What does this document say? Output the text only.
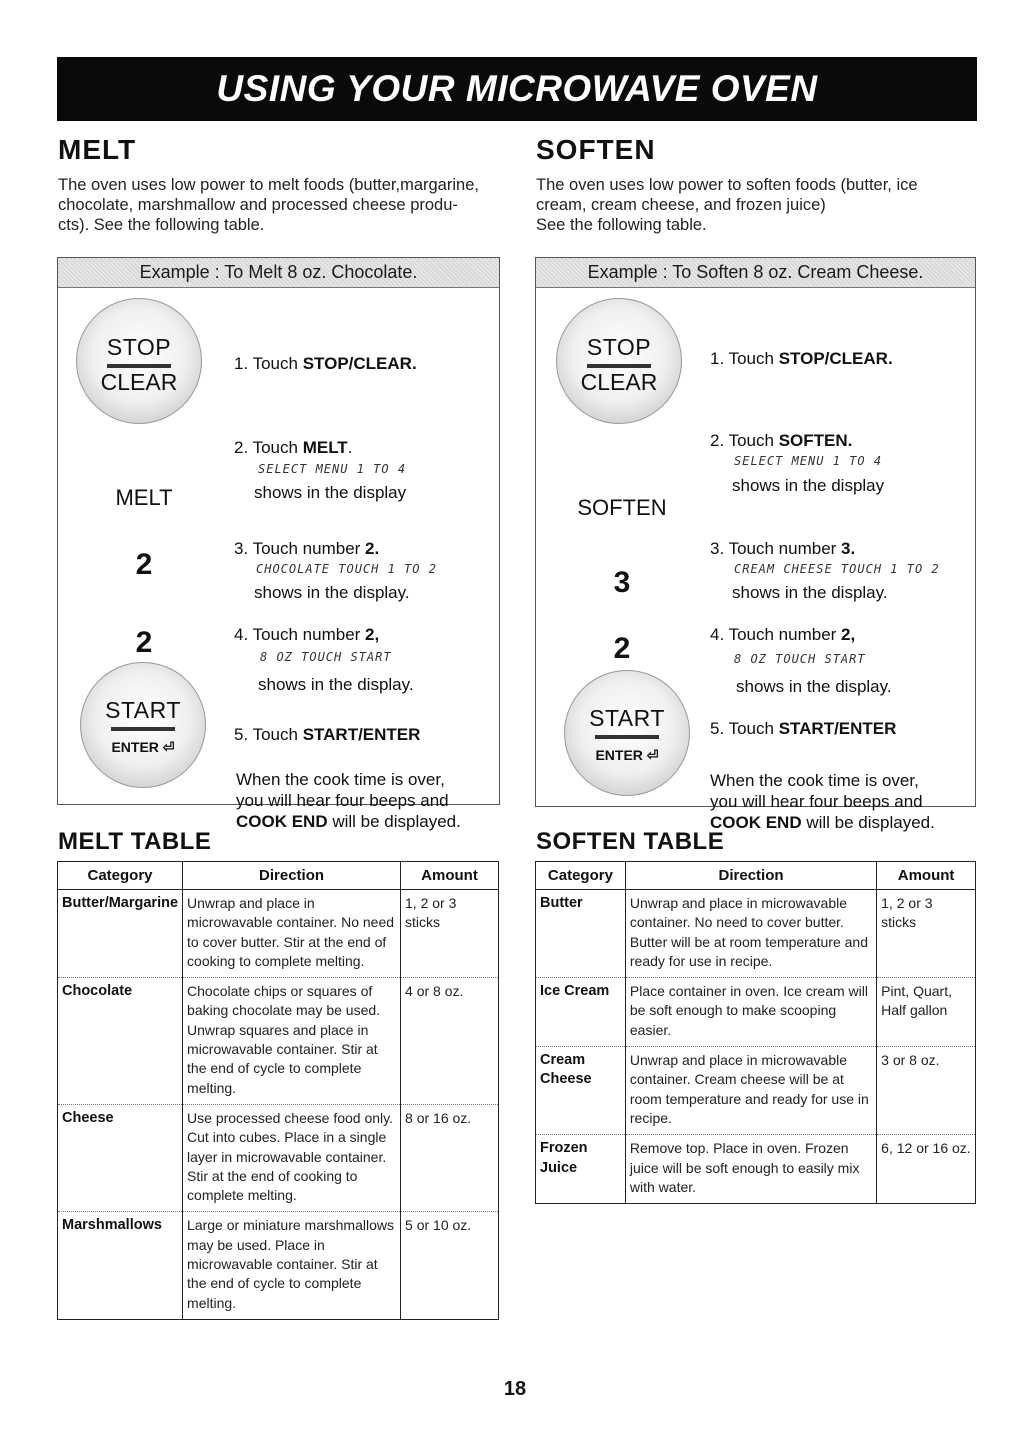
USING YOUR MICROWAVE OVEN
MELT
The oven uses low power to melt foods (butter,margarine,
chocolate, marshmallow and processed cheese produ-
cts). See the following table.
Example : To Melt 8 oz. Chocolate.
STOP
CLEAR
1. Touch STOP/CLEAR.
2. Touch MELT.
SELECT MENU 1 TO 4
shows in the display
MELT
2	3. Touch number 2.
CHOCOLATE TOUCH 1 TO 2
shows in the display.
2	4. Touch number 2,
8 OZ TOUCH START
shows in the display.
START
ENTER ⏎
5. Touch START/ENTER
When the cook time is over,
you will hear four beeps and
COOK END will be displayed.
SOFTEN
The oven uses low power to soften foods (butter, ice
cream, cream cheese, and frozen juice)
See the following table.
Example : To Soften 8 oz. Cream Cheese.
STOP
CLEAR
1. Touch STOP/CLEAR.
2. Touch SOFTEN.
SELECT MENU 1 TO 4
shows in the display
SOFTEN
3
3. Touch number 3.
CREAM CHEESE TOUCH 1 TO 2
shows in the display.
2	4. Touch number 2,
8 OZ TOUCH START
shows in the display.
START
ENTER ⏎
5. Touch START/ENTER
When the cook time is over,
you will hear four beeps and
COOK END will be displayed.
MELT TABLE
Category	Direction	Amount
Butter/Margarine	Unwrap and place in microwavable container. No need to cover butter. Stir at the end of cooking to complete melting.	1, 2 or 3 sticks
Chocolate	Chocolate chips or squares of baking chocolate may be used. Unwrap squares and place in microwavable container. Stir at the end of cycle to complete melting.	4 or 8 oz.
Cheese	Use processed cheese food only. Cut into cubes. Place in a single layer in microwavable container. Stir at the end of cooking to complete melting.	8 or 16 oz.
Marshmallows	Large or miniature marshmallows may be used. Place in microwavable container. Stir at the end of cycle to complete melting.	5 or 10 oz.
SOFTEN TABLE
Category	Direction	Amount
Butter	Unwrap and place in microwavable container. No need to cover butter. Butter will be at room temperature and ready for use in recipe.	1, 2 or 3 sticks
Ice Cream	Place container in oven. Ice cream will be soft enough to make scooping easier.	Pint, Quart, Half gallon
Cream Cheese	Unwrap and place in microwavable container. Cream cheese will be at room temperature and ready for use in recipe.	3 or 8 oz.
Frozen Juice	Remove top. Place in oven. Frozen juice will be soft enough to easily mix with water.	6, 12 or 16 oz.
18
